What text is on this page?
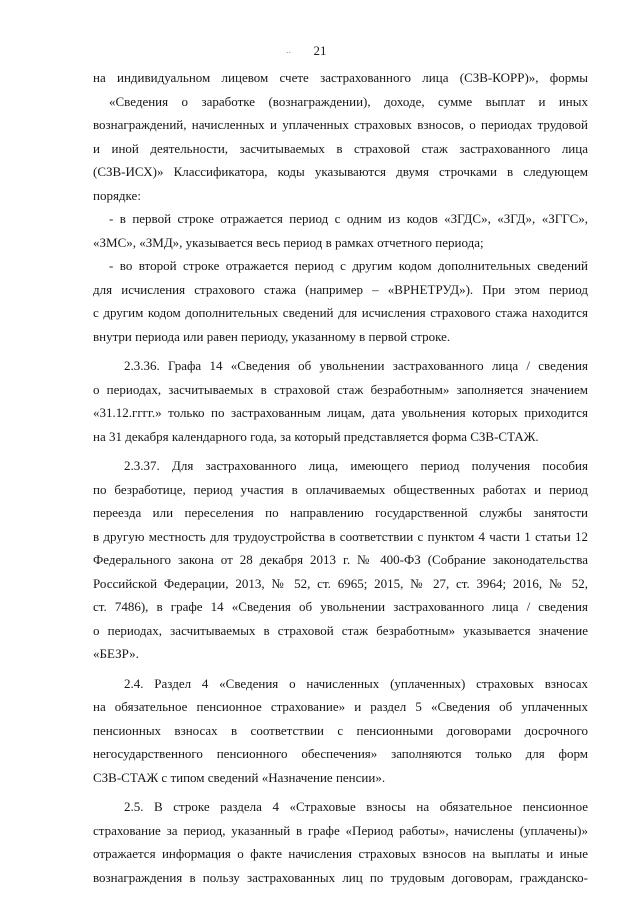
..	21

на индивидуальном лицевом счете застрахованного лица (СЗВ-КОРР)», формы

«Сведения о заработке (вознаграждении), доходе, сумме выплат и иных

вознаграждений, начисленных и уплаченных страховых взносов, о периодах трудовой

и иной деятельности, засчитываемых в страховой стаж застрахованного лица

(СЗВ-ИСХ)» Классификатора, коды указываются двумя строчками в следующем

порядке:

- в первой строке отражается период с одним из кодов «ЗГДС», «ЗГД», «ЗГГС»,

«ЗМС», «ЗМД», указывается весь период в рамках отчетного периода;

- во второй строке отражается период с другим кодом дополнительных сведений

для исчисления страхового стажа (например – «ВРНЕТРУД»). При этом период

с другим кодом дополнительных сведений для исчисления страхового стажа находится

внутри периода или равен периоду, указанному в первой строке.

2.3.36. Графа 14 «Сведения об увольнении застрахованного лица / сведения

о периодах, засчитываемых в страховой стаж безработным» заполняется значением

«31.12.гггг.» только по застрахованным лицам, дата увольнения которых приходится

на 31 декабря календарного года, за который представляется форма СЗВ-СТАЖ.

2.3.37. Для застрахованного лица, имеющего период получения пособия

по безработице, период участия в оплачиваемых общественных работах и период

переезда или переселения по направлению государственной службы занятости

в другую местность для трудоустройства в соответствии с пунктом 4 части 1 статьи 12

Федерального закона от 28 декабря 2013 г. № 400-ФЗ (Собрание законодательства

Российской Федерации, 2013, № 52, ст. 6965; 2015, № 27, ст. 3964; 2016, № 52,

ст. 7486), в графе 14 «Сведения об увольнении застрахованного лица / сведения

о периодах, засчитываемых в страховой стаж безработным» указывается значение

«БЕЗР».

2.4. Раздел 4 «Сведения о начисленных (уплаченных) страховых взносах

на обязательное пенсионное страхование» и раздел 5 «Сведения об уплаченных

пенсионных взносах в соответствии с пенсионными договорами досрочного

негосударственного пенсионного обеспечения» заполняются только для форм

СЗВ-СТАЖ с типом сведений «Назначение пенсии».

2.5. В строке раздела 4 «Страховые взносы на обязательное пенсионное

страхование за период, указанный в графе «Период работы», начислены (уплачены)»

отражается информация о факте начисления страховых взносов на выплаты и иные

вознаграждения в пользу застрахованных лиц по трудовым договорам, гражданско-
